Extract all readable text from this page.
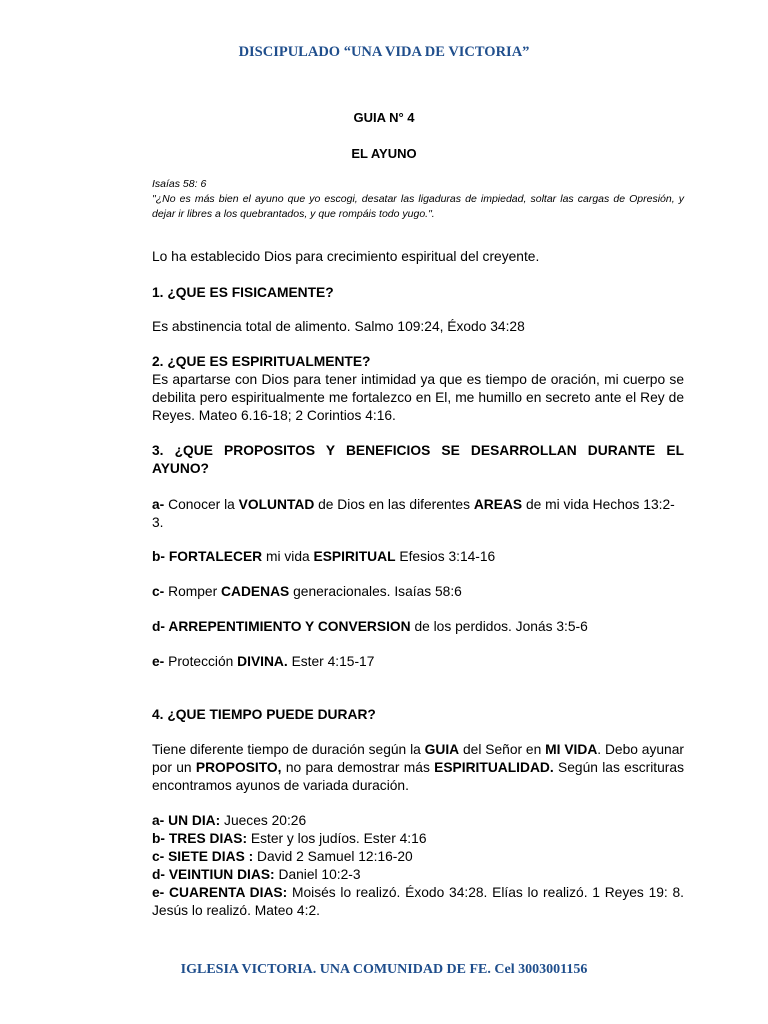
DISCIPULADO “UNA VIDA DE VICTORIA”
GUIA N° 4
EL AYUNO
Isaías 58: 6
"¿No es más bien el ayuno que yo escogi, desatar las ligaduras de impiedad, soltar las cargas de Opresión, y dejar ir libres a los quebrantados, y que rompáis todo yugo.".
Lo ha establecido Dios para crecimiento espiritual del creyente.
1. ¿QUE ES FISICAMENTE?
Es abstinencia total de alimento. Salmo 109:24, Éxodo 34:28
2. ¿QUE ES ESPIRITUALMENTE?
Es apartarse con Dios para tener intimidad ya que es tiempo de oración, mi cuerpo se debilita pero espiritualmente me fortalezco en El, me humillo en secreto ante el Rey de Reyes. Mateo 6.16-18; 2 Corintios 4:16.
3. ¿QUE PROPOSITOS Y BENEFICIOS SE DESARROLLAN DURANTE EL AYUNO?
a- Conocer la VOLUNTAD de Dios en las diferentes AREAS de mi vida Hechos 13:2-3.
b- FORTALECER mi vida ESPIRITUAL Efesios 3:14-16
c- Romper CADENAS generacionales. Isaías 58:6
d- ARREPENTIMIENTO Y CONVERSION de los perdidos. Jonás 3:5-6
e- Protección DIVINA. Ester 4:15-17
4. ¿QUE TIEMPO PUEDE DURAR?
Tiene diferente tiempo de duración según la GUIA del Señor en MI VIDA. Debo ayunar por un PROPOSITO, no para demostrar más ESPIRITUALIDAD. Según las escrituras encontramos ayunos de variada duración.
a- UN DIA: Jueces 20:26
b- TRES DIAS: Ester y los judíos. Ester 4:16
c- SIETE DIAS : David 2 Samuel 12:16-20
d- VEINTIUN DIAS: Daniel 10:2-3
e- CUARENTA DIAS: Moisés lo realizó. Éxodo 34:28. Elías lo realizó. 1 Reyes 19: 8. Jesús lo realizó. Mateo 4:2.
IGLESIA VICTORIA. UNA COMUNIDAD DE FE. Cel 3003001156
